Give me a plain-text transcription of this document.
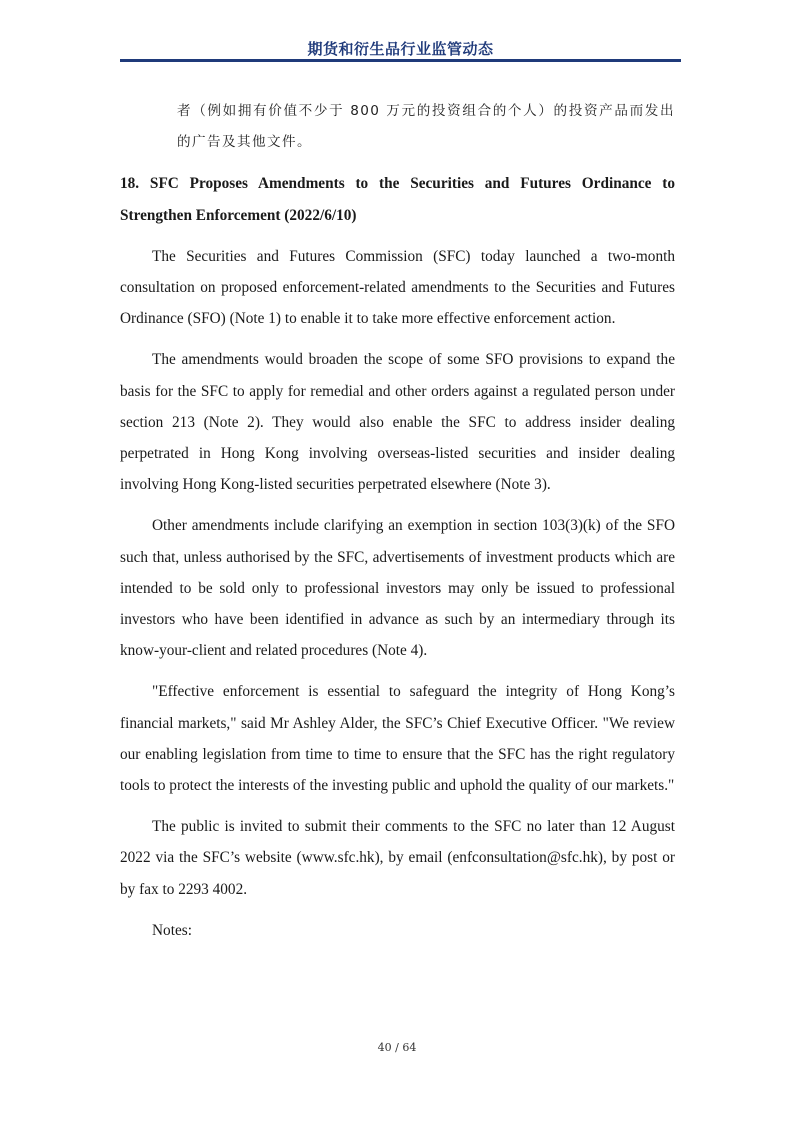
期货和衍生品行业监管动态

者（例如拥有价值不少于 800 万元的投资组合的个人）的投资产品而发出的广告及其他文件。

18. SFC Proposes Amendments to the Securities and Futures Ordinance to Strengthen Enforcement (2022/6/10)

The Securities and Futures Commission (SFC) today launched a two-month consultation on proposed enforcement-related amendments to the Securities and Futures Ordinance (SFO) (Note 1) to enable it to take more effective enforcement action.

The amendments would broaden the scope of some SFO provisions to expand the basis for the SFC to apply for remedial and other orders against a regulated person under section 213 (Note 2). They would also enable the SFC to address insider dealing perpetrated in Hong Kong involving overseas-listed securities and insider dealing involving Hong Kong-listed securities perpetrated elsewhere (Note 3).

Other amendments include clarifying an exemption in section 103(3)(k) of the SFO such that, unless authorised by the SFC, advertisements of investment products which are intended to be sold only to professional investors may only be issued to professional investors who have been identified in advance as such by an intermediary through its know-your-client and related procedures (Note 4).

"Effective enforcement is essential to safeguard the integrity of Hong Kong’s financial markets," said Mr Ashley Alder, the SFC’s Chief Executive Officer. "We review our enabling legislation from time to time to ensure that the SFC has the right regulatory tools to protect the interests of the investing public and uphold the quality of our markets."

The public is invited to submit their comments to the SFC no later than 12 August 2022 via the SFC’s website (www.sfc.hk), by email (enfconsultation@sfc.hk), by post or by fax to 2293 4002.

Notes:

40 / 64
